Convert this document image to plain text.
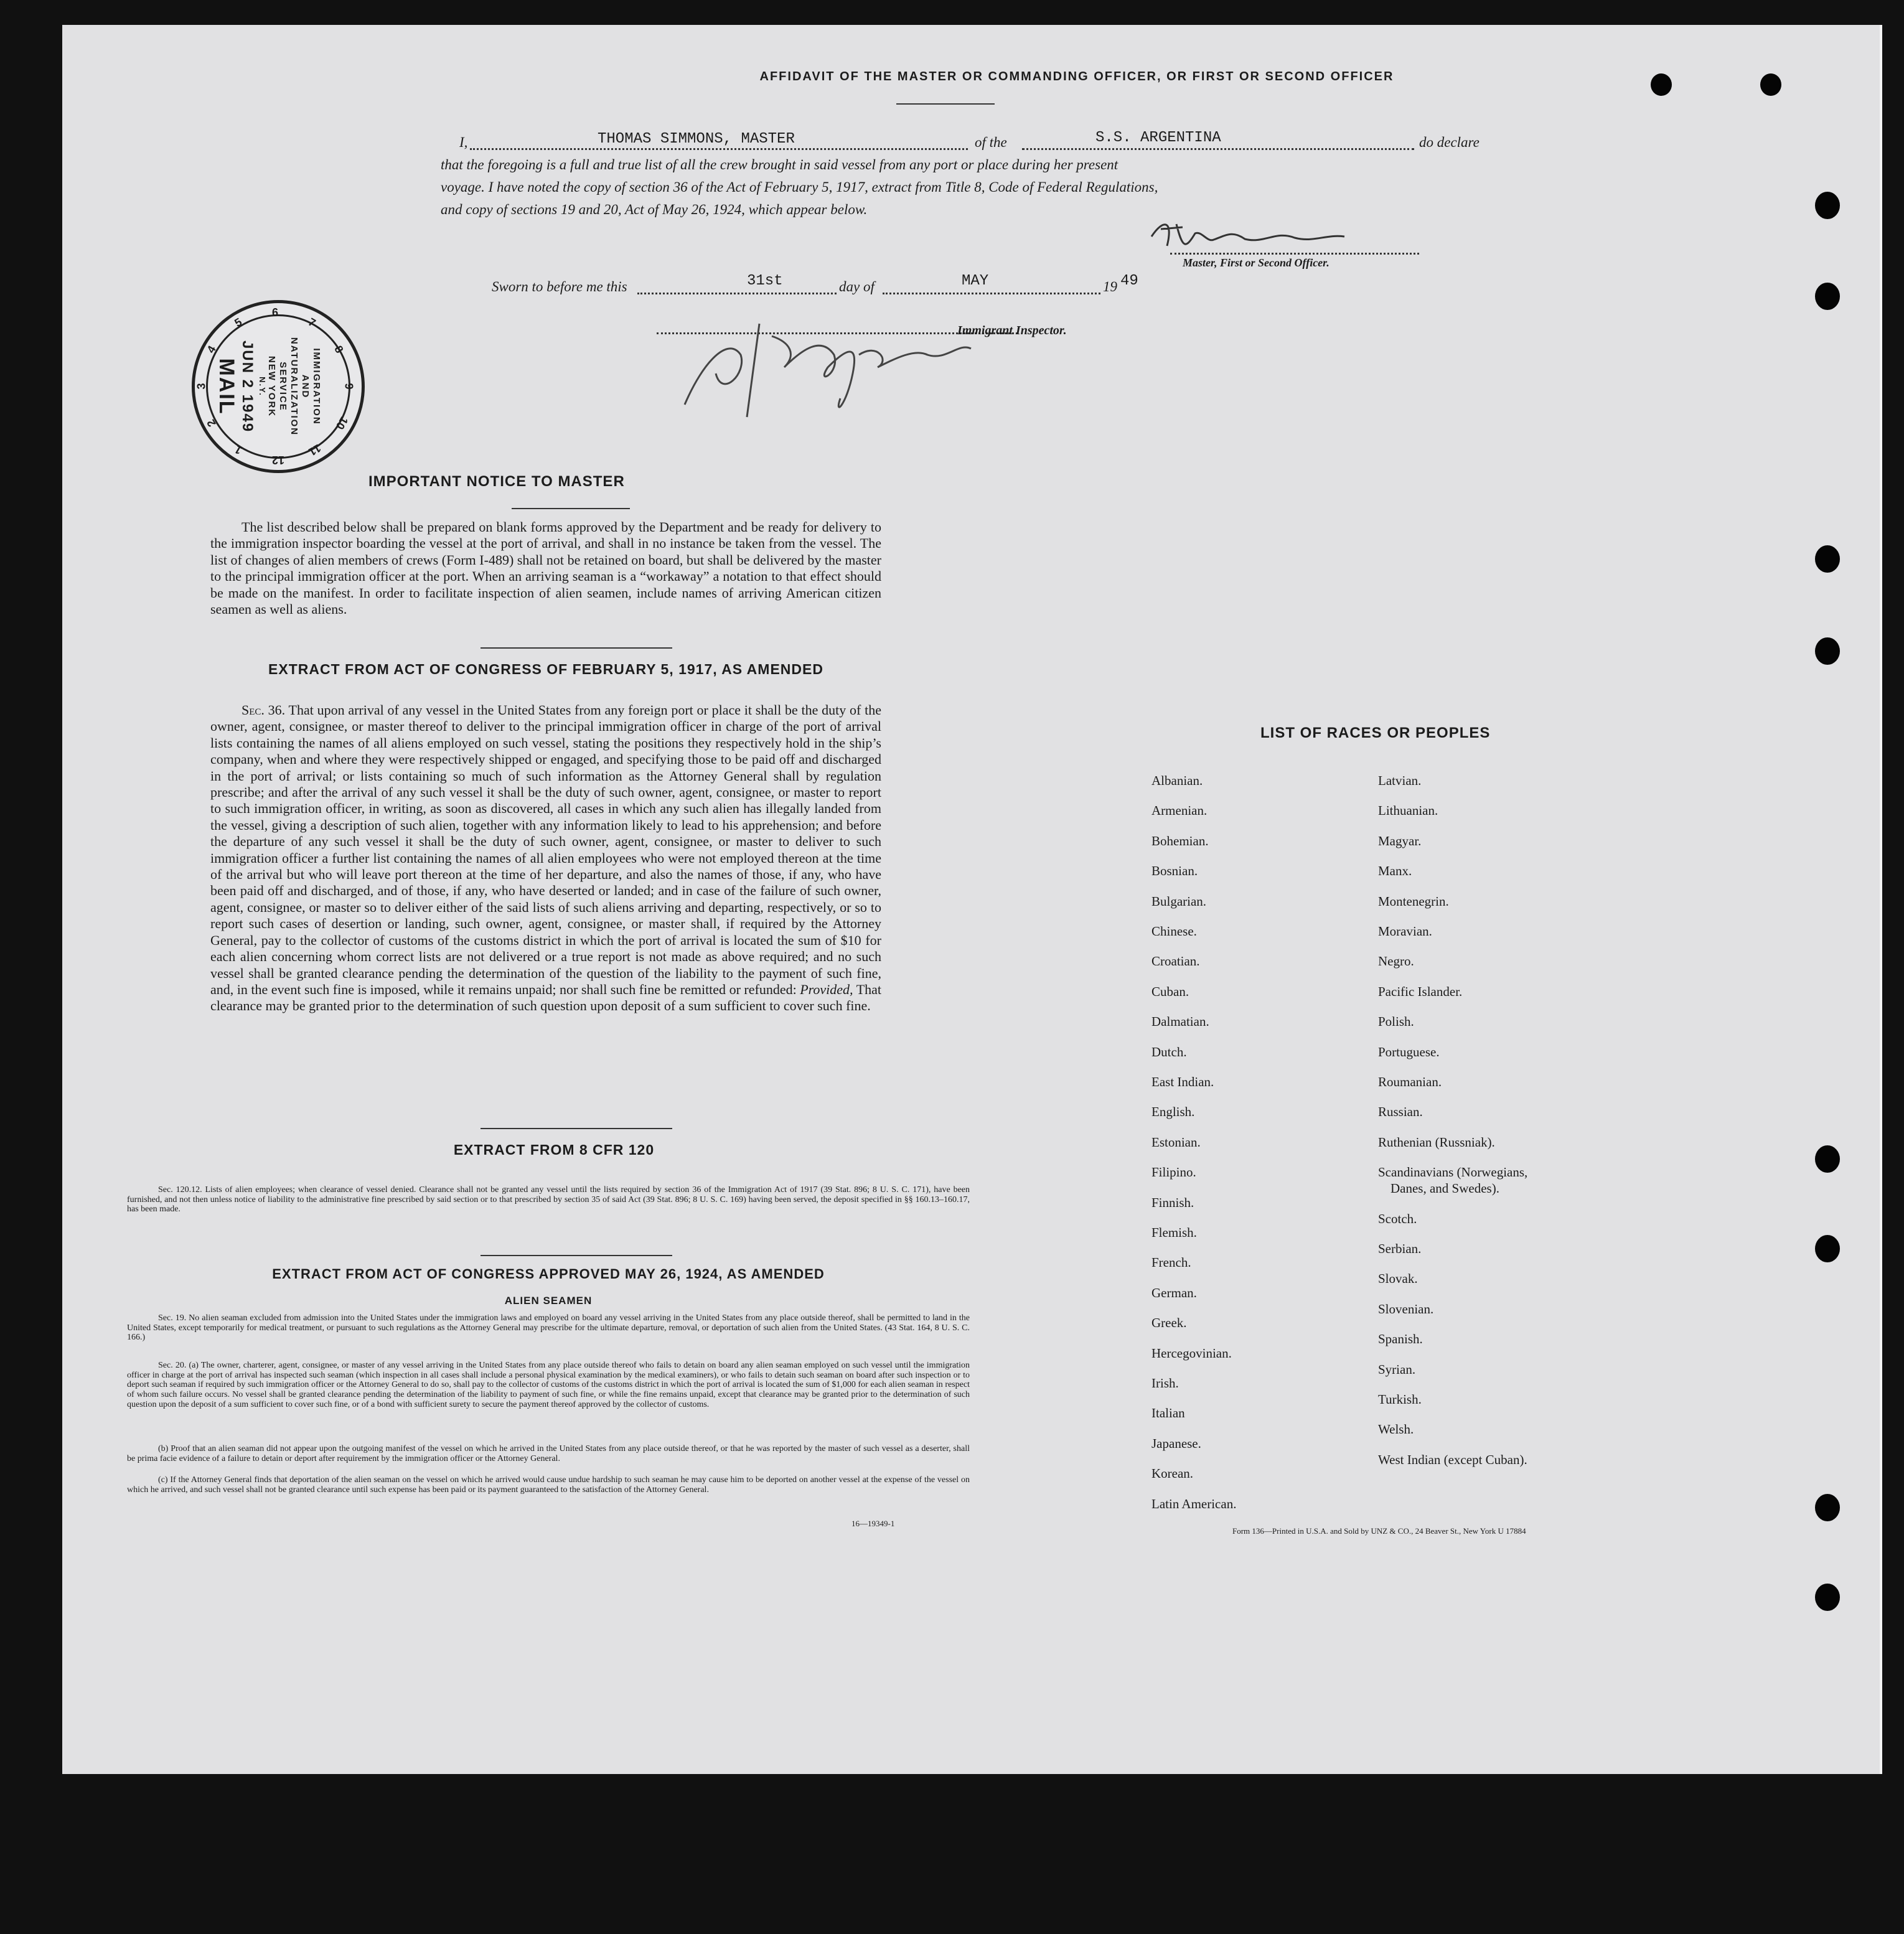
AFFIDAVIT OF THE MASTER OR COMMANDING OFFICER, OR FIRST OR SECOND OFFICER
I,	THOMAS SIMMONS, MASTER	of the	S.S. ARGENTINA	do declare
that the foregoing is a full and true list of all the crew brought in said vessel from any port or place during her present
voyage. I have noted the copy of section 36 of the Act of February 5, 1917, extract from Title 8, Code of Federal Regulations,
and copy of sections 19 and 20, Act of May 26, 1924, which appear below.
Master, First or Second Officer.
Sworn to before me this	31st	day of	MAY	19 49
Immigrant Inspector.
IMMIGRATION
AND
NATURALIZATION
SERVICE
NEW YORK
N.Y.
JUN 2 1949
MAIL
12
1
2
3
4
5
6
7
8
9
10
11
IMPORTANT NOTICE TO MASTER
The list described below shall be prepared on blank forms approved by the Department and be ready for delivery to the immigration inspector boarding the vessel at the port of arrival, and shall in no instance be taken from the vessel. The list of changes of alien members of crews (Form I-489) shall not be retained on board, but shall be delivered by the master to the principal immigration officer at the port. When an arriving seaman is a “workaway” a notation to that effect should be made on the manifest. In order to facilitate inspection of alien seamen, include names of arriving American citizen seamen as well as aliens.
EXTRACT FROM ACT OF CONGRESS OF FEBRUARY 5, 1917, AS AMENDED
Sec. 36. That upon arrival of any vessel in the United States from any foreign port or place it shall be the duty of the owner, agent, consignee, or master thereof to deliver to the principal immigration officer in charge of the port of arrival lists containing the names of all aliens employed on such vessel, stating the positions they respectively hold in the ship’s company, when and where they were respectively shipped or engaged, and specifying those to be paid off and discharged in the port of arrival; or lists containing so much of such information as the Attorney General shall by regulation prescribe; and after the arrival of any such vessel it shall be the duty of such owner, agent, consignee, or master to report to such immigration officer, in writing, as soon as discovered, all cases in which any such alien has illegally landed from the vessel, giving a description of such alien, together with any information likely to lead to his apprehension; and before the departure of any such vessel it shall be the duty of such owner, agent, consignee, or master to deliver to such immigration officer a further list containing the names of all alien employees who were not employed thereon at the time of the arrival but who will leave port thereon at the time of her departure, and also the names of those, if any, who have been paid off and discharged, and of those, if any, who have deserted or landed; and in case of the failure of such owner, agent, consignee, or master so to deliver either of the said lists of such aliens arriving and departing, respectively, or so to report such cases of desertion or landing, such owner, agent, consignee, or master shall, if required by the Attorney General, pay to the collector of customs of the customs district in which the port of arrival is located the sum of $10 for each alien concerning whom correct lists are not delivered or a true report is not made as above required; and no such vessel shall be granted clearance pending the determination of the question of the liability to the payment of such fine, and, in the event such fine is imposed, while it remains unpaid; nor shall such fine be remitted or refunded: Provided, That clearance may be granted prior to the determination of such question upon deposit of a sum sufficient to cover such fine.
EXTRACT FROM 8 CFR 120
Sec. 120.12. Lists of alien employees; when clearance of vessel denied. Clearance shall not be granted any vessel until the lists required by section 36 of the Immigration Act of 1917 (39 Stat. 896; 8 U. S. C. 171), have been furnished, and not then unless notice of liability to the administrative fine prescribed by said section or to that prescribed by section 35 of said Act (39 Stat. 896; 8 U. S. C. 169) having been served, the deposit specified in §§ 160.13–160.17, has been made.
EXTRACT FROM ACT OF CONGRESS APPROVED MAY 26, 1924, AS AMENDED
ALIEN SEAMEN
Sec. 19. No alien seaman excluded from admission into the United States under the immigration laws and employed on board any vessel arriving in the United States from any place outside thereof, shall be permitted to land in the United States, except temporarily for medical treatment, or pursuant to such regulations as the Attorney General may prescribe for the ultimate departure, removal, or deportation of such alien from the United States. (43 Stat. 164, 8 U. S. C. 166.)
Sec. 20. (a) The owner, charterer, agent, consignee, or master of any vessel arriving in the United States from any place outside thereof who fails to detain on board any alien seaman employed on such vessel until the immigration officer in charge at the port of arrival has inspected such seaman (which inspection in all cases shall include a personal physical examination by the medical examiners), or who fails to detain such seaman on board after such inspection or to deport such seaman if required by such immigration officer or the Attorney General to do so, shall pay to the collector of customs of the customs district in which the port of arrival is located the sum of $1,000 for each alien seaman in respect of whom such failure occurs. No vessel shall be granted clearance pending the determination of the liability to payment of such fine, or while the fine remains unpaid, except that clearance may be granted prior to the determination of such question upon the deposit of a sum sufficient to cover such fine, or of a bond with sufficient surety to secure the payment thereof approved by the collector of customs.
(b) Proof that an alien seaman did not appear upon the outgoing manifest of the vessel on which he arrived in the United States from any place outside thereof, or that he was reported by the master of such vessel as a deserter, shall be prima facie evidence of a failure to detain or deport after requirement by the immigration officer or the Attorney General.
(c) If the Attorney General finds that deportation of the alien seaman on the vessel on which he arrived would cause undue hardship to such seaman he may cause him to be deported on another vessel at the expense of the vessel on which he arrived, and such vessel shall not be granted clearance until such expense has been paid or its payment guaranteed to the satisfaction of the Attorney General.
16—19349-1
LIST OF RACES OR PEOPLES
Albanian.
Armenian.
Bohemian.
Bosnian.
Bulgarian.
Chinese.
Croatian.
Cuban.
Dalmatian.
Dutch.
East Indian.
English.
Estonian.
Filipino.
Finnish.
Flemish.
French.
German.
Greek.
Hercegovinian.
Irish.
Italian
Japanese.
Korean.
Latin American.
Latvian.
Lithuanian.
Magyar.
Manx.
Montenegrin.
Moravian.
Negro.
Pacific Islander.
Polish.
Portuguese.
Roumanian.
Russian.
Ruthenian (Russniak).
Scandinavians (Norwegians,
Danes, and Swedes).
Scotch.
Serbian.
Slovak.
Slovenian.
Spanish.
Syrian.
Turkish.
Welsh.
West Indian (except Cuban).
Form 136—Printed in U.S.A. and Sold by UNZ & CO., 24 Beaver St., New York U 17884
